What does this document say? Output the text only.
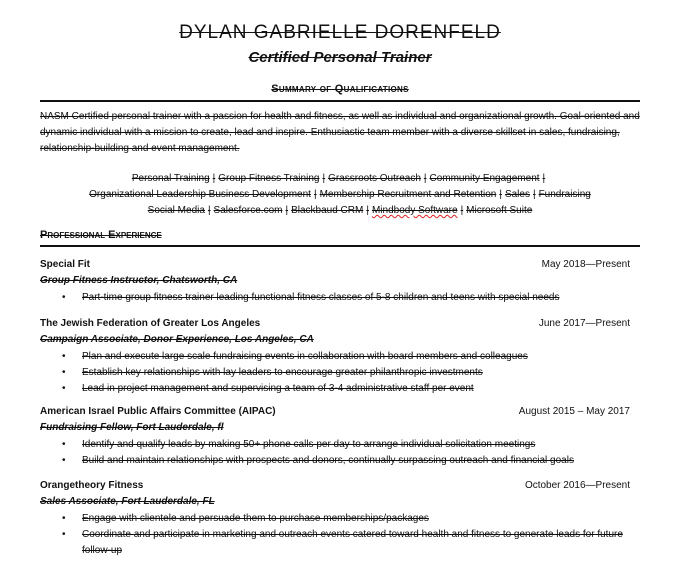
DYLAN GABRIELLE DORENFELD
Certified Personal Trainer
Summary of Qualifications
NASM Certified personal trainer with a passion for health and fitness, as well as individual and organizational growth. Goal-oriented and dynamic individual with a mission to create, lead and inspire. Enthusiastic team member with a diverse skillset in sales, fundraising, relationship-building and event management.
Personal Training | Group Fitness Training | Grassroots Outreach | Community Engagement |
Organizational Leadership Business Development | Membership Recruitment and Retention | Sales | Fundraising
Social Media | Salesforce.com | Blackbaud CRM | Mindbody Software | Microsoft Suite
Professional Experience
Special Fit	May 2018—Present
Group Fitness Instructor, Chatsworth, CA
• Part-time group fitness trainer leading functional fitness classes of 5-8 children and teens with special needs
The Jewish Federation of Greater Los Angeles	June 2017—Present
Campaign Associate, Donor Experience, Los Angeles, CA
• Plan and execute large scale fundraising events in collaboration with board members and colleagues
• Establish key relationships with lay leaders to encourage greater philanthropic investments
• Lead in project management and supervising a team of 3-4 administrative staff per event
American Israel Public Affairs Committee (AIPAC)	August 2015 – May 2017
Fundraising Fellow, Fort Lauderdale, fl
• Identify and qualify leads by making 50+ phone calls per day to arrange individual solicitation meetings
• Build and maintain relationships with prospects and donors, continually surpassing outreach and financial goals
Orangetheory Fitness	October 2016—Present
Sales Associate, Fort Lauderdale, FL
• Engage with clientele and persuade them to purchase memberships/packages
• Coordinate and participate in marketing and outreach events catered toward health and fitness to generate leads for future follow-up
